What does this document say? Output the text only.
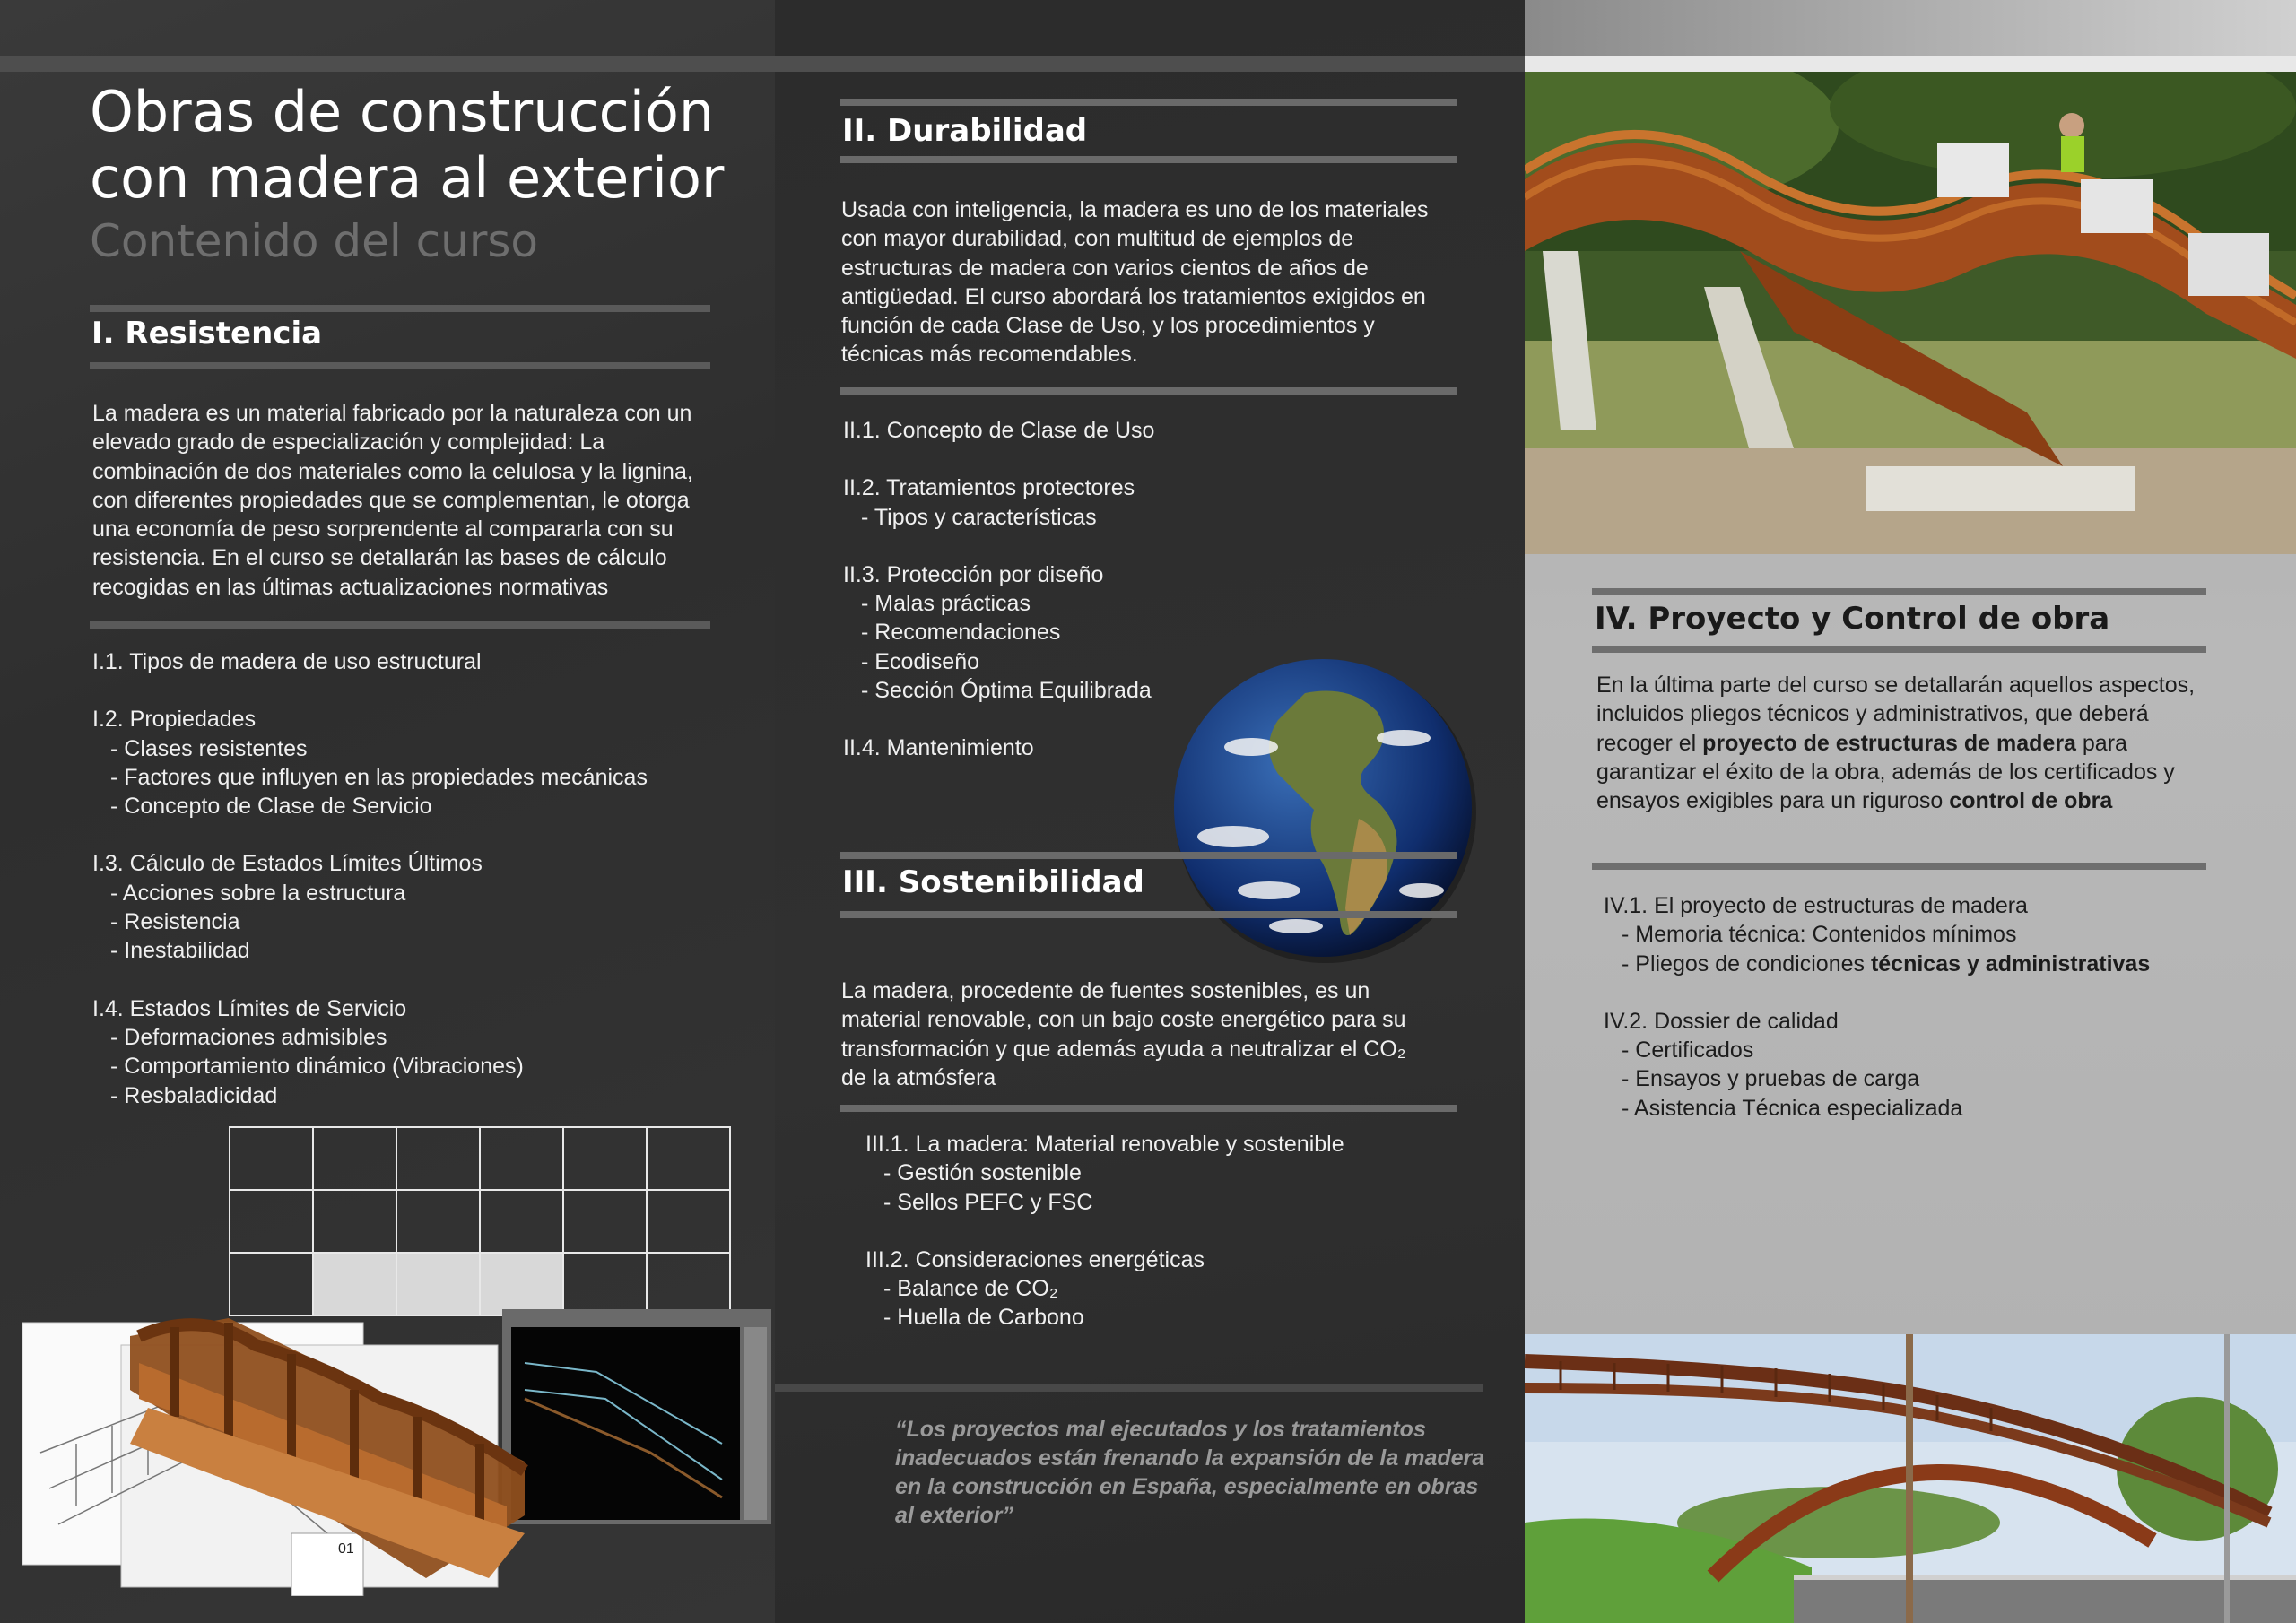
Obras de construcción
con madera al exterior
Contenido del curso
I. Resistencia
La madera es un material fabricado por la naturaleza con un elevado grado de especialización y complejidad: La combinación de dos materiales como la celulosa y la lignina, con diferentes propiedades que se complementan, le otorga una economía de peso sorprendente al compararla con su resistencia. En el curso se detallarán las bases de cálculo recogidas en las últimas actualizaciones normativas
I.1. Tipos de madera de uso estructural
I.2. Propiedades
- Clases resistentes
- Factores que influyen en las propiedades mecánicas
- Concepto de Clase de Servicio
I.3. Cálculo de Estados Límites Últimos
- Acciones sobre la estructura
- Resistencia
- Inestabilidad
I.4. Estados Límites de Servicio
- Deformaciones admisibles
- Comportamiento dinámico (Vibraciones)
- Resbaladicidad

01
II. Durabilidad
Usada con inteligencia, la madera es uno de los materiales con mayor durabilidad, con multitud de ejemplos de estructuras de madera con varios cientos de años de antigüedad. El curso abordará los tratamientos exigidos en función de cada Clase de Uso, y los procedimientos y técnicas más recomendables.
II.1. Concepto de Clase de Uso
II.2. Tratamientos protectores
- Tipos y características
II.3. Protección por diseño
- Malas prácticas
- Recomendaciones
- Ecodiseño
- Sección Óptima Equilibrada
II.4. Mantenimiento
III. Sostenibilidad
La madera, procedente de fuentes sostenibles, es un material renovable, con un bajo coste energético para su transformación y que además ayuda a neutralizar el CO₂ de la atmósfera
III.1. La madera: Material renovable y sostenible
- Gestión sostenible
- Sellos PEFC y FSC
III.2. Consideraciones energéticas
- Balance de CO₂
- Huella de Carbono
“Los proyectos mal ejecutados y los tratamientos inadecuados están frenando la expansión de la madera en la construcción en España, especialmente en obras al exterior”
IV. Proyecto y Control de obra
En la última parte del curso se detallarán aquellos aspectos, incluidos pliegos técnicos y administrativos, que deberá recoger el proyecto de estructuras de madera para garantizar el éxito de la obra, además de los certificados y ensayos exigibles para un riguroso control de obra
IV.1. El proyecto de estructuras de madera
- Memoria técnica: Contenidos mínimos
- Pliegos de condiciones técnicas y administrativas
IV.2. Dossier de calidad
- Certificados
- Ensayos y pruebas de carga
- Asistencia Técnica especializada
